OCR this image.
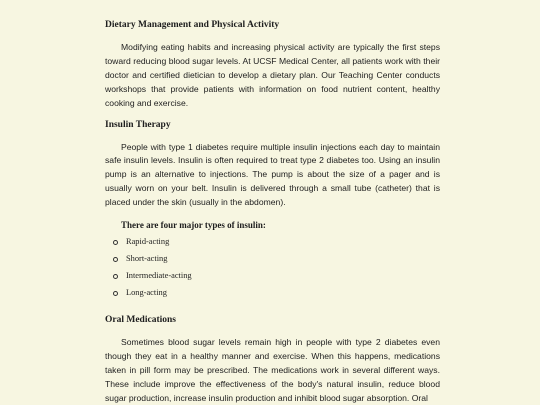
Dietary Management and Physical Activity

Modifying eating habits and increasing physical activity are typically the first steps toward reducing blood sugar levels. At UCSF Medical Center, all patients work with their doctor and certified dietician to develop a dietary plan. Our Teaching Center conducts workshops that provide patients with information on food nutrient content, healthy cooking and exercise.

Insulin Therapy

People with type 1 diabetes require multiple insulin injections each day to maintain safe insulin levels. Insulin is often required to treat type 2 diabetes too. Using an insulin pump is an alternative to injections. The pump is about the size of a pager and is usually worn on your belt. Insulin is delivered through a small tube (catheter) that is placed under the skin (usually in the abdomen).

There are four major types of insulin:
Rapid-acting
Short-acting
Intermediate-acting
Long-acting
Oral Medications

Sometimes blood sugar levels remain high in people with type 2 diabetes even though they eat in a healthy manner and exercise. When this happens, medications taken in pill form may be prescribed. The medications work in several different ways. These include improve the effectiveness of the body's natural insulin, reduce blood sugar production, increase insulin production and inhibit blood sugar absorption. Oral
